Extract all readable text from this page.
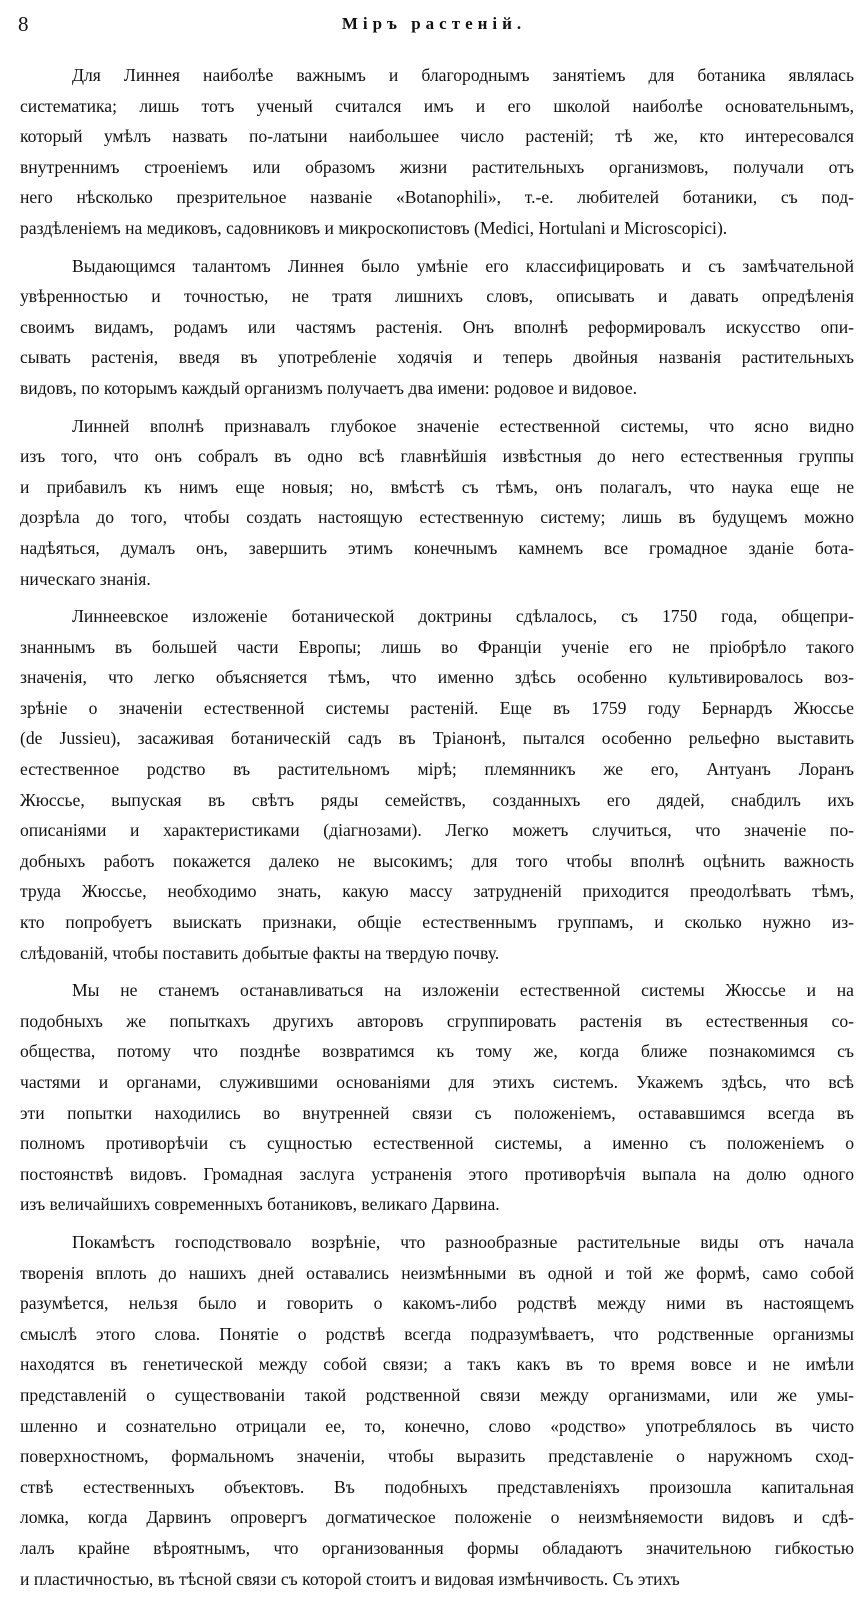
8	Міръ растеній.
Для Линнея наиболѣе важнымъ и благороднымъ занятіемъ для ботаника являлась
систематика; лишь тотъ ученый считался имъ и его школой наиболѣе основательнымъ,
который умѣлъ назвать по-латыни наибольшее число растеній; тѣ же, кто интересовался
внутреннимъ строеніемъ или образомъ жизни растительныхъ организмовъ, получали отъ
него нѣсколько презрительное названіе «Botanophili», т.-е. любителей ботаники, съ под-
раздѣленіемъ на медиковъ, садовниковъ и микроскопистовъ (Medici, Hortulani и Microscopici).
Выдающимся талантомъ Линнея было умѣніе его классифицировать и съ замѣчательной
увѣренностью и точностью, не тратя лишнихъ словъ, описывать и давать опредѣленія
своимъ видамъ, родамъ или частямъ растенія. Онъ вполнѣ реформировалъ искусство опи-
сывать растенія, введя въ употребленіе ходячія и теперь двойныя названія растительныхъ
видовъ, по которымъ каждый организмъ получаетъ два имени: родовое и видовое.
Линней вполнѣ признавалъ глубокое значеніе естественной системы, что ясно видно
изъ того, что онъ собралъ въ одно всѣ главнѣйшія извѣстныя до него естественныя группы
и прибавилъ къ нимъ еще новыя; но, вмѣстѣ съ тѣмъ, онъ полагалъ, что наука еще не
дозрѣла до того, чтобы создать настоящую естественную систему; лишь въ будущемъ можно
надѣяться, думалъ онъ, завершить этимъ конечнымъ камнемъ все громадное зданіе бота-
ническаго знанія.
Линнеевское изложеніе ботанической доктрины сдѣлалось, съ 1750 года, общепри-
знаннымъ въ большей части Европы; лишь во Франціи ученіе его не пріобрѣло такого
значенія, что легко объясняется тѣмъ, что именно здѣсь особенно культивировалось воз-
зрѣніе о значеніи естественной системы растеній. Еще въ 1759 году Бернардъ Жюссье
(de Jussieu), засаживая ботаническій садъ въ Тріанонѣ, пытался особенно рельефно выставить
естественное родство въ растительномъ мірѣ; племянникъ же его, Антуанъ Лоранъ
Жюссье, выпуская въ свѣтъ ряды семействъ, созданныхъ его дядей, снабдилъ ихъ
описаніями и характеристиками (діагнозами). Легко можетъ случиться, что значеніе по-
добныхъ работъ покажется далеко не высокимъ; для того чтобы вполнѣ оцѣнить важность
труда Жюссье, необходимо знать, какую массу затрудненій приходится преодолѣвать тѣмъ,
кто попробуетъ выискать признаки, общіе естественнымъ группамъ, и сколько нужно из-
слѣдованій, чтобы поставить добытые факты на твердую почву.
Мы не станемъ останавливаться на изложеніи естественной системы Жюссье и на
подобныхъ же попыткахъ другихъ авторовъ сгруппировать растенія въ естественныя со-
общества, потому что позднѣе возвратимся къ тому же, когда ближе познакомимся съ
частями и органами, служившими основаніями для этихъ системъ. Укажемъ здѣсь, что всѣ
эти попытки находились во внутренней связи съ положеніемъ, остававшимся всегда въ
полномъ противорѣчіи съ сущностью естественной системы, а именно съ положеніемъ о
постоянствѣ видовъ. Громадная заслуга устраненія этого противорѣчія выпала на долю одного
изъ величайшихъ современныхъ ботаниковъ, великаго Дарвина.
Покамѣстъ господствовало возрѣніе, что разнообразные растительные виды отъ начала
творенія вплоть до нашихъ дней оставались неизмѣнными въ одной и той же формѣ, само собой
разумѣется, нельзя было и говорить о какомъ-либо родствѣ между ними въ настоящемъ
смыслѣ этого слова. Понятіе о родствѣ всегда подразумѣваетъ, что родственные организмы
находятся въ генетической между собой связи; а такъ какъ въ то время вовсе и не имѣли
представленій о существованіи такой родственной связи между организмами, или же умы-
шленно и сознательно отрицали ее, то, конечно, слово «родство» употреблялось въ чисто
поверхностномъ, формальномъ значеніи, чтобы выразить представленіе о наружномъ сход-
ствѣ естественныхъ объектовъ. Въ подобныхъ представленіяхъ произошла капитальная
ломка, когда Дарвинъ опровергъ догматическое положеніе о неизмѣняемости видовъ и сдѣ-
лалъ крайне вѣроятнымъ, что организованныя формы обладаютъ значительною гибкостью
и пластичностью, въ тѣсной связи съ которой стоитъ и видовая измѣнчивость. Съ этихъ
